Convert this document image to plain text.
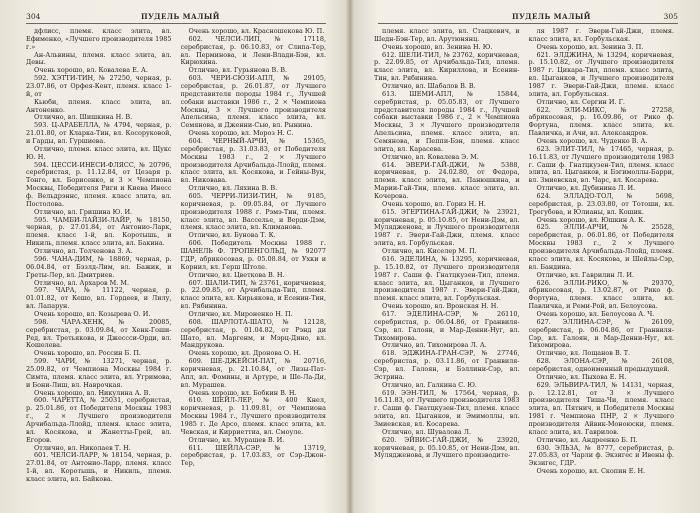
304	ПУДЕЛЬ МАЛЫЙ

дфлисс, племя. класс элита, вл. Ефименко, «Лучшего производителя 1985 г.»

Ан-Альвины, племя. класс элита, вл. Девы.

Очень хорошо, вл. Ковалева Е. А.

592. ХЭТТИ-ТИН, № 27250, черная, р. 23.07.86, от Орфея-Кент, племя. класс 1-й, от

Кьюби, племя. класс элита, вл. Антоненко.

Отлично, вл. Шишкина Н. В.

593. Ц-АРАБЕЛЛА, № 4794, черная, р. 21.01.80, от Кларка-Тин, вл. Косоруковой, и Гарды, вл. Гуршиева.

Отлично, племя. класс элита, вл. Щукс Ю. Н.

594. ЦЕССИ-ИНЕСИ-ФЛЯСС, № 20796, серебристая, р. 11.12.84, от Цезаря р. Тонго, вл. Борисенко, и 3 × Чемпиона Москвы, Победителя Риги и Киева Инесс ф. Вельдрэннс, племя. класс элита, вл. Постолова.

Отлично, вл. Гришина Ю. И.

595. ЧАМБИ-ЛАЙЗИ-ЛАЙР, № 18150, черная, р. 27.01.84, от Антонио-Ларк, племя. класс 1-й, вл. Коротышь, и Никиль, племя. класс элита, вл. Бакина.

Отлично, вл. Толченова З. А.

596. ЧАНА-ДИМ, № 18869, черная, р. 06.04.84, от Бэзлд-Лим, вл. Бажик, и Греты-Лер, вл. Дмитриев.

Отлично, вл. Архаров М. М.

597. ЧАРА, № 11122, черная, р. 01.01.82, от Кешо, вл. Гордеев, и Лилу, вл. Лапарун.

Очень хорошо, вл. Козырева О. И.

598. ЧАРА-ХЕНК, № 20085, серебристая, р. 03.09.84, от Хенк-Гоши-Ред, вл. Третьякова, и Джессси-Орди, вл. Кошелева.

Очень хорошо, вл. Россин Б. П.

599. ЧАРИ, № 13271, черная, р. 25.09.82, от Чемпиона Москвы 1984 г. Симта, племя. класс элита, вл. Угримова, и Бони-Лиш, вл. Наврочкая.

Очень хорошо, вл. Никулина А. В.

600. ЧАРЕТТА, № 25031, серебристая, р. 25.01.86, от Победителя Москвы 1983 г., 2 × Лучшего производителя Арчибальда-Ллойд, племя. класс элита, вл. Косякова, и Жанетты-Грей, вл. Егоров.

Отлично, вл. Николаев Т. Н.

601. ЧЕЛСИ-ЛАРР, № 18154, черная, р. 27.01.84, от Антонио-Ларр, племя. класс 1-й, вл. Коротышь, и Никиль, племя. класс элита, вл. Байкова.

Очень хорошо, вл. Красношекова Ю. П.

602. ЧЕЛСИ-ЛИП, № 17118, серебристая, р. 06.10.83, от Слипа-Тер, вл. Перминова, и Лени-Влади-Бэн, вл. Кирюхина.

Отлично, вл. Гурьянова В. В.

603. ЧЕРИ-СЮЗИ-АПЛ, № 29105, серебристая, р. 26.01.87, от Лучшего представителя породы 1984 г., Лучшей собаки выставки 1986 г., 2 × Чемпиона Москвы, 3 × Лучшего производителя Апельсина, племя. класс элита, вл. Семянова, и Дженни-Сью, вл. Рынина.

Очень хорошо, вл. Мороз Н. С.

604. ЧЕРНЫЙ-АРЧИ, № 15365, серебристая, р. 31.03.83, от Победителя Москвы 1983 г., 2 × Лучшего производителя Арчибальда-Ллойд, племя. класс элита, вл. Косякова, и Гейны-Вун, вл. Никовава.

Отлично, вл. Ляхина В. В.

605. ЧЕРРИ-ЛИЗИ-ТИН, № 9185, коричневая, р. 09.05.84, от Лучшего производителя 1988 г. Рэмэ-Тин, племя. класс элита, вл. Васселье, и Верди-Дэм, племя. класс элита, вл. Климанова.

Отлично, вл. Бунова Т. К.

606. Победитель Москвы 1988 г. ШАНЕЛЬ Ф. ТРОПЕНГОЛЬД, № 92077 ГДР, абрикосовая, р. 05.08.84, от Ухки и Корнил, вл. Герш Штоле.

Отлично, вл. Цветкова В. Н.

607. ШАЛИ-ТИП, № 23761, коричневая, р. 22.09.85, от Арчибальда-Тип, племя. класс элита, вл. Кирьякова, и Есенин-Тин, вл. Рябинина.

Отлично, вл. Мироненко Н. П.

608. ШАРЛОТА-ШАТО, № 12128, серебристая, р. 01.04.82, от Рэнд ди Шато, вл. Маргенм, и Мэрц-Дино, вл. Мандрукова.

Очень хорошо, вл. Дронова О. Н.

609. ШЕ-ДЖЕЙСИ-ПАТ, № 20716, коричневая, р. 21.10.84, от Лизы-Пат-Апл, вл. Фомины, и Артуре, и Ше-Ла-Ди, вл. Мурашев.

Очень хорошо, вл. Бобкин В. Н.

610. ШЕЙЛ-ЛЕР, № 400 Кнел, коричневая, р. 11.09.81, от Чемпиона Москвы 1984 г., Лучшего производителя 1985 г. Де Арсо, племя. класс элита, вл. Чевская, и Кирриеттиа, вл. Смоуле.

Отлично, вл. Мурашев В. И.

611. ШЕЙЛА-СЭР, № 13719, серебристая, р. 17.03.83, от Сэр-Джон-Тер,

ПУДЕЛЬ МАЛЫЙ	305

племя. класс элита, вл. Стацкевич, и Шедн-Бэн-Тер, вл. Арутюнянц.

Очень хорошо, вл. Зенина Н. Ю.

612. ШЕЛИ-ТИЛ, № 23762, коричневая, р. 22.09.85, от Арчибальда-Тил, племя. класс элита, вл. Кириллова, и Есенин-Тин, вл. Рябинина.

Отлично, вл. Шабалов В. В.

613. ШЕМИ-АПЛ, № 15844, серебристая, р. 05.05.83, от Лучшего представителя породы 1984 г., Лучшей собаки выставки 1986 г., 2 × Чемпиона Москвы, 3 × Лучшего производителя Апельсина, племя. класс элита, вл. Семянова, и Пеппи-Бэн, племя. класс элита, вл. Карасева.

Отлично, вл. Ковалева Э. М.

614. ЭВЕРИ-ГАЙ-ДЖИ, № 5388, коричневая, р. 24.02.80, от Федора, племя. класс элита, вл. Панюшкина, и Марии-Гай-Тин, племя. класс элита, вл. Кочерова.

Очень хорошо, вл. Гориз Н. Н.

615. ЭГЕРТИНА-ГАЙ-ДЖИ, № 23921, коричневая, р. 05.10.85, от Нени-Дэм, вл. Мулядженова, и Лучшего производителя 1987 г. Эвери-Гай-Джи, племя. класс элита, вл. Горбульская.

Отлично, вл. Киселер М. П.

616. ЭДЕЛИНА, № 13295, коричневая, р. 15.10.82, от Лучшего производителя 1987 г. Саши ф. Гнатцкузен-Тил, племя. класс элита, вл. Цыганков, и Лучшего производителя 1987 г. Эвери-Гай-Джи, племя. класс элита, вл. Горбульская.

Очень хорошо, вл. Вронская Н. Н.

617. ЭДЕЛИНА-СЭР, № 26110, серебристая, р. 06.04.86, от Гранвиля-Сэр, вл. Галоян, и Мар-Денни-Нуг, вл. Тихомирова.

Отлично, вл. Тихомирова Л. А.

618. ЭДЖИНА-ГРАН-СЭР, № 27746, серебристая, р. 03.11.86, от Гранвиля-Сэр, вл. Галоян, и Бэллини-Сэр, вл. Эстрина.

Отлично, вл. Галкина С. Ю.

619. ЭЭН-ТИЛ, № 17564, черная, р. 16.11.83, от Лучшего производителя 1983 г. Саши ф. Гнатцкузен-Тил, племя. класс элита, вл. Цыганков, и Эмимоллы, вл. Змиевская, вл. Косарева.

Отлично, вл. Шувалова Л.

620. ЭЙВИС-ГАЙ-ДЖИ, № 23920, коричневая, р. 05.10.85, от Нени-Дэм, вл. Мулядженова, и Лучшего производите-

ля 1987 г. Эвери-Гай-Джи, племя. класс элита, вл. Горбульская.

Очень хорошо, вл. Зенина З. П.

621. ЭЛДЖИНА, № 13294, коричневая, р. 15.10.82, от Лучшего производителя 1987 г. Цикара-Тил, племя. класс элита, вл. Цыганков, и Лучшего производителя 1987 г. Эвери-Гай-Джи, племя. класс элита, вл. Горбульская.

Отлично, вл. Сергин И. Г.

622. ЭЛИ-МИКС, № 27258, абрикосовая, р. 16.09.86, от Рико ф. Фортуна, племя. класс элита, вл. Павличка, и Ачи, вл. Александров.

Очень хорошо, вл. Чуденко В. А.

623. ЭЛИТ-ТИЛ, № 17465, черная, р. 16.11.83, от Лучшего производителя 1983 г. Саши ф. Гнатцкузен-Тил, племя. класс элита, вл. Цыганков, и Бэгимоллы-Барри, вл. Змиевская, вл. Чарс, вл. Косарева.

Отлично, вл. Дубинина Л. И.

624. ЭЛЛАДО-ТОЛ, № 5698, серебристая, р. 23.03.80, от Тотоши, вл. Трегубова, и Юлианы, вл. Кошик.

Очень хорошо, вл. Юшкин А. К.

625. ЭЛЛИ-АРЧИ, № 25528, серебристая, р. 06.01.86, от Победителя Москвы 1983 г., 2 × Лучшего производителя Арчибальда-Ллойд, племя. класс элита, вл. Косякова, и Шейлы-Сэр, вл. Бандина.

Отлично, вл. Гаврилин Л. И.

626. ЭЛЛИ-РИКО, № 29370, абрикосовая, р. 13.02.87, от Рико ф. Фортуна, племя. класс элита, вл. Павличка, и Реми-Рой, вл. Белоусова.

Очень хорошо, вл. Белоусова А. Ч.

627. ЭЛЛИНА-СЭР, № 26109, серебристая, р. 06.04.86, от Гранвиля-Сэр, вл. Галоян, и Мар-Денни-Нуг, вл. Тихомирова.

Отлично, вл. Лощанов В. Т.

628. ЭЛОНА-СЭР, № 26108, серебристая, одноименный предыдущей.

Отлично, вл. Пыхова Е. Н.

629. ЭЛЬВИРА-ТИЛ, № 14131, черная, р. 12.12.81, от 3 × Лучшего производителя Тиша-Чи, племя. класс элита, вл. Пятнич, и Победителя Москвы 1981 г. Чемпиона ПНР, 2 × Лучшего производителя Айвик-Моноюски, племя. класс элита, вл. Гаврилов.

Отлично, вл. Андреенко Б. П.

630. ЭЛЬЗА, № 8777, серебристая, р. 27.05.83, от Чарли ф. Экзигес и Ивены ф. Экзигес, ГДР.

Очень хорошо, вл. Скопин Е. Н.
